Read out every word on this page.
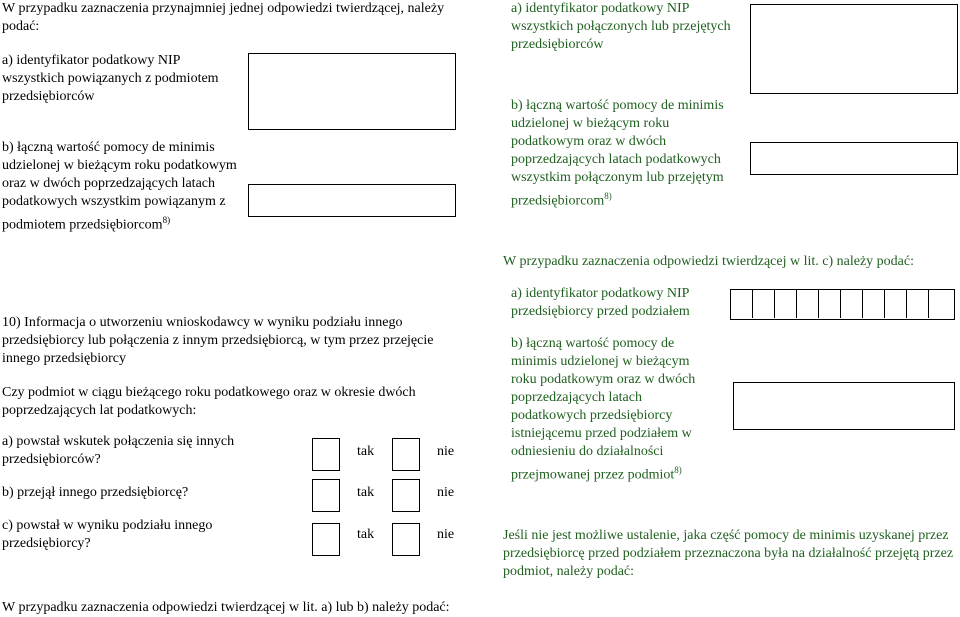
W przypadku zaznaczenia przynajmniej jednej odpowiedzi twierdzącej, należy podać:
a) identyfikator podatkowy NIP wszystkich powiązanych z podmiotem przedsiębiorców
b) łączną wartość pomocy de minimis udzielonej w bieżącym roku podatkowym oraz w dwóch poprzedzających latach podatkowych wszystkim powiązanym z podmiotem przedsiębiorcom$^{8)}$
10) Informacja o utworzeniu wnioskodawcy w wyniku podziału innego przedsiębiorcy lub połączenia z innym przedsiębiorcą, w tym przez przejęcie innego przedsiębiorcy
Czy podmiot w ciągu bieżącego roku podatkowego oraz w okresie dwóch poprzedzających lat podatkowych:
a) powstał wskutek połączenia się innych przedsiębiorców?
tak	nie
b) przejął innego przedsiębiorcę?	tak	nie
c) powstał w wyniku podziału innego przedsiębiorcy?
tak	nie
W przypadku zaznaczenia odpowiedzi twierdzącej w lit. a) lub b) należy podać:
a) identyfikator podatkowy NIP wszystkich połączonych lub przejętych przedsiębiorców
b) łączną wartość pomocy de minimis udzielonej w bieżącym roku podatkowym oraz w dwóch poprzedzających latach podatkowych wszystkim połączonym lub przejętym przedsiębiorcom$^{8)}$
W przypadku zaznaczenia odpowiedzi twierdzącej w lit. c) należy podać:
a) identyfikator podatkowy NIP przedsiębiorcy przed podziałem
b) łączną wartość pomocy de minimis udzielonej w bieżącym roku podatkowym oraz w dwóch poprzedzających latach podatkowych przedsiębiorcy istniejącemu przed podziałem w odniesieniu do działalności przejmowanej przez podmiot$^{8)}$
Jeśli nie jest możliwe ustalenie, jaka część pomocy de minimis uzyskanej przez przedsiębiorcę przed podziałem przeznaczona była na działalność przejętą przez podmiot, należy podać:
